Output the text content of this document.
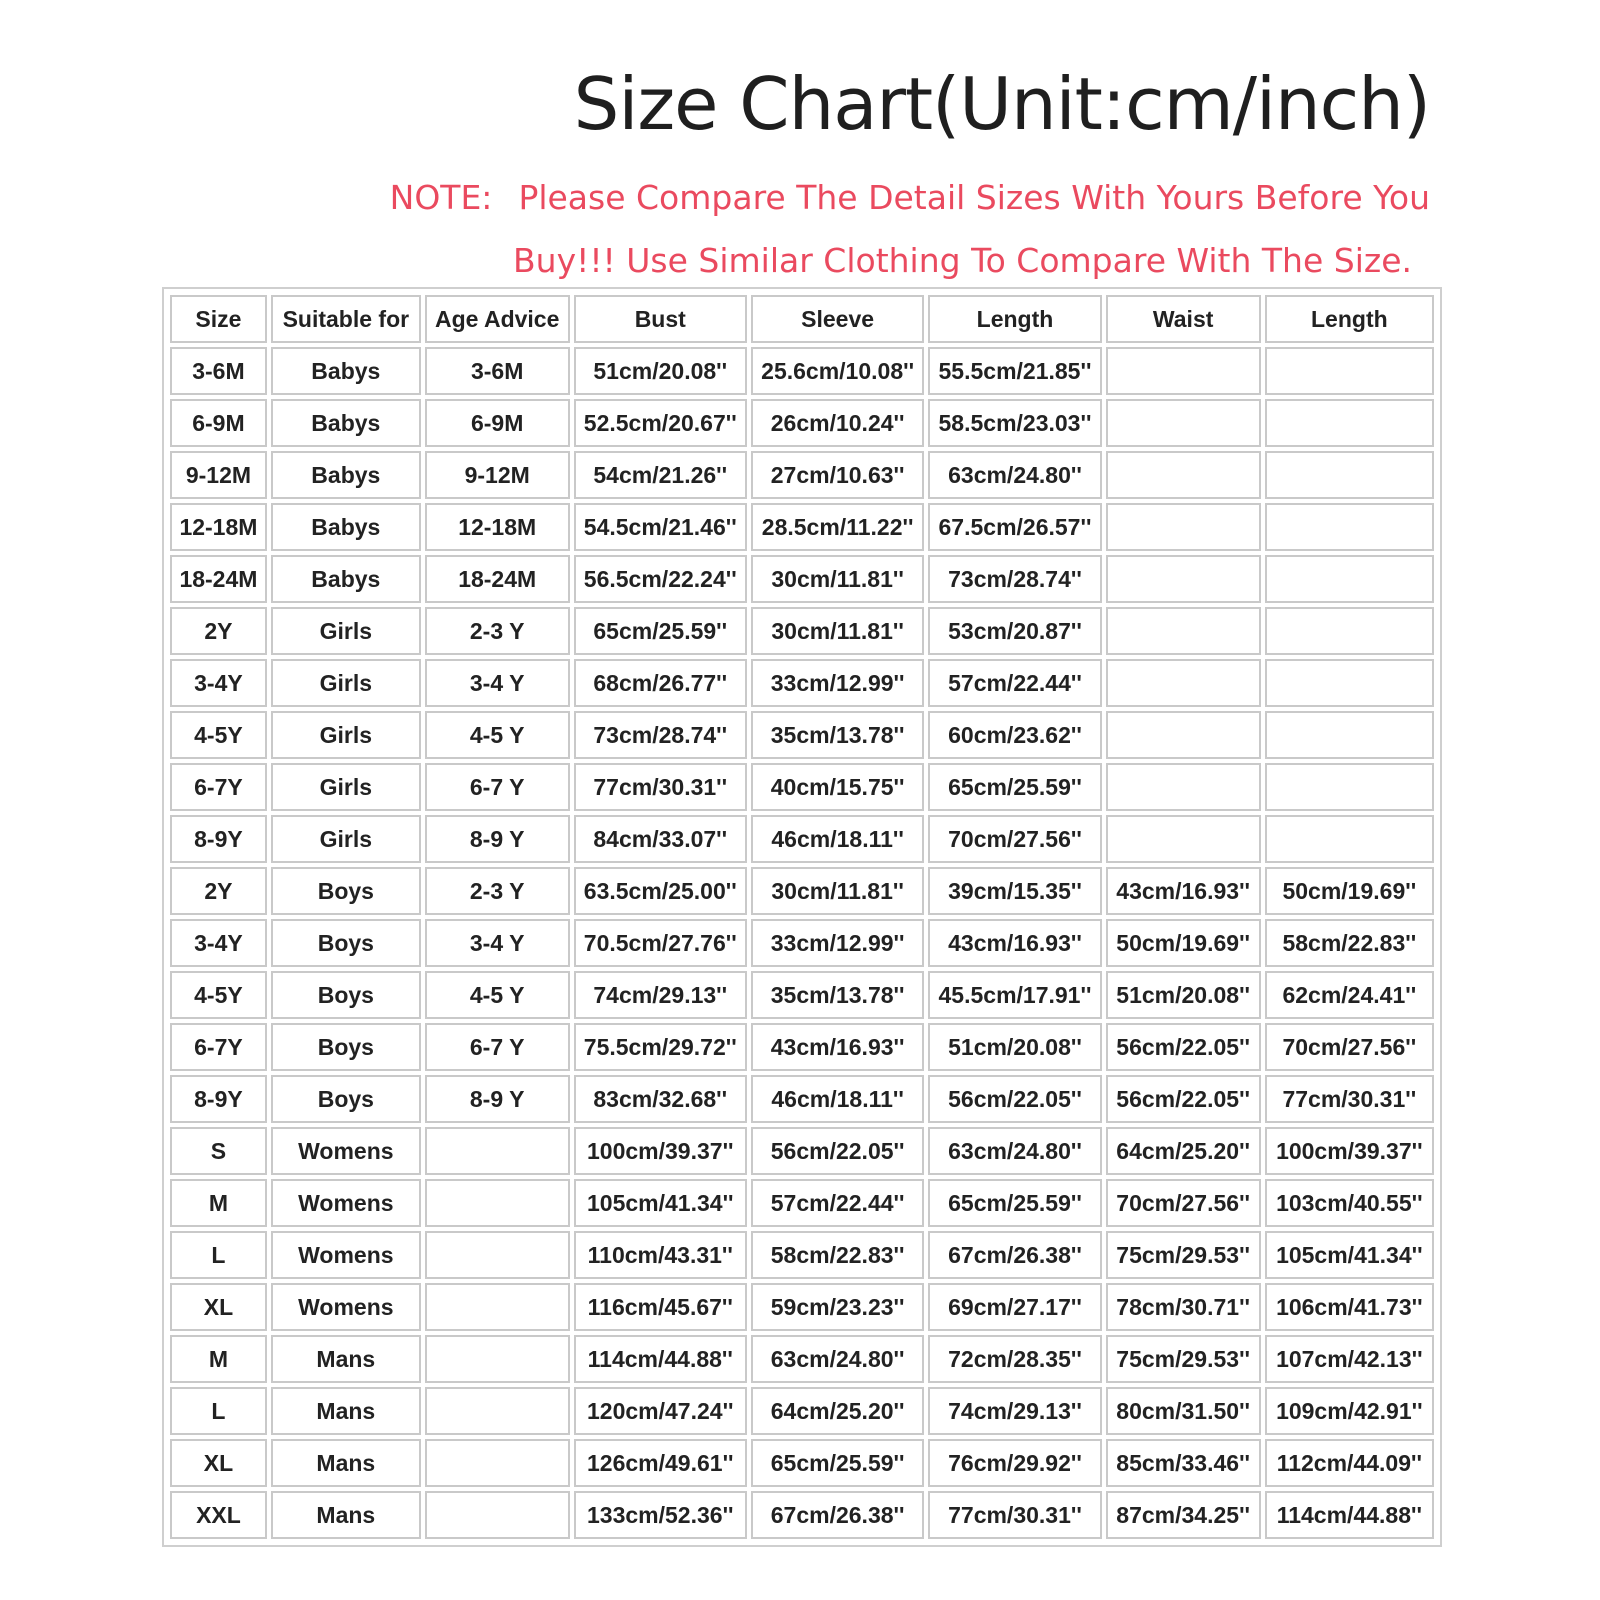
Size Chart(Unit:cm/inch)

NOTE: Please Compare The Detail Sizes With Yours Before You

Buy!!! Use Similar Clothing To Compare With The Size.

Size	Suitable for	Age Advice	Bust	Sleeve	Length	Waist	Length
3-6M	Babys	3-6M	51cm/20.08''	25.6cm/10.08''	55.5cm/21.85''		
6-9M	Babys	6-9M	52.5cm/20.67''	26cm/10.24''	58.5cm/23.03''		
9-12M	Babys	9-12M	54cm/21.26''	27cm/10.63''	63cm/24.80''		
12-18M	Babys	12-18M	54.5cm/21.46''	28.5cm/11.22''	67.5cm/26.57''		
18-24M	Babys	18-24M	56.5cm/22.24''	30cm/11.81''	73cm/28.74''		
2Y	Girls	2-3 Y	65cm/25.59''	30cm/11.81''	53cm/20.87''		
3-4Y	Girls	3-4 Y	68cm/26.77''	33cm/12.99''	57cm/22.44''		
4-5Y	Girls	4-5 Y	73cm/28.74''	35cm/13.78''	60cm/23.62''		
6-7Y	Girls	6-7 Y	77cm/30.31''	40cm/15.75''	65cm/25.59''		
8-9Y	Girls	8-9 Y	84cm/33.07''	46cm/18.11''	70cm/27.56''		
2Y	Boys	2-3 Y	63.5cm/25.00''	30cm/11.81''	39cm/15.35''	43cm/16.93''	50cm/19.69''
3-4Y	Boys	3-4 Y	70.5cm/27.76''	33cm/12.99''	43cm/16.93''	50cm/19.69''	58cm/22.83''
4-5Y	Boys	4-5 Y	74cm/29.13''	35cm/13.78''	45.5cm/17.91''	51cm/20.08''	62cm/24.41''
6-7Y	Boys	6-7 Y	75.5cm/29.72''	43cm/16.93''	51cm/20.08''	56cm/22.05''	70cm/27.56''
8-9Y	Boys	8-9 Y	83cm/32.68''	46cm/18.11''	56cm/22.05''	56cm/22.05''	77cm/30.31''
S	Womens		100cm/39.37''	56cm/22.05''	63cm/24.80''	64cm/25.20''	100cm/39.37''
M	Womens		105cm/41.34''	57cm/22.44''	65cm/25.59''	70cm/27.56''	103cm/40.55''
L	Womens		110cm/43.31''	58cm/22.83''	67cm/26.38''	75cm/29.53''	105cm/41.34''
XL	Womens		116cm/45.67''	59cm/23.23''	69cm/27.17''	78cm/30.71''	106cm/41.73''
M	Mans		114cm/44.88''	63cm/24.80''	72cm/28.35''	75cm/29.53''	107cm/42.13''
L	Mans		120cm/47.24''	64cm/25.20''	74cm/29.13''	80cm/31.50''	109cm/42.91''
XL	Mans		126cm/49.61''	65cm/25.59''	76cm/29.92''	85cm/33.46''	112cm/44.09''
XXL	Mans		133cm/52.36''	67cm/26.38''	77cm/30.31''	87cm/34.25''	114cm/44.88''
